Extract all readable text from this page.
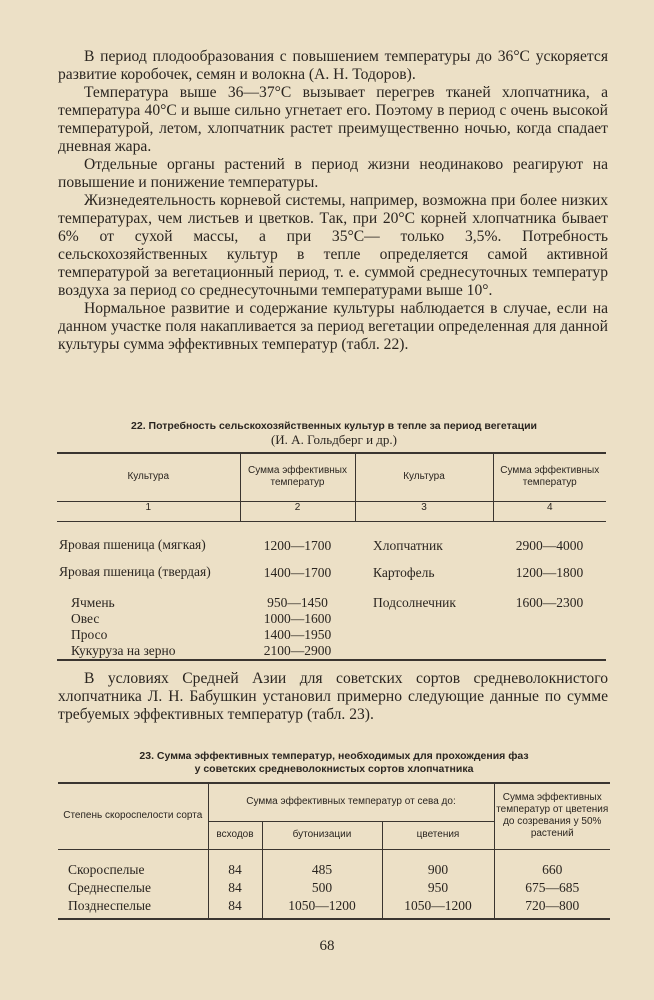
В период плодообразования с повышением температуры до 36°C ускоряется развитие коробочек, семян и волокна (А. Н. Тодоров).

Температура выше 36—37°C вызывает перегрев тканей хлопчатника, а температура 40°C и выше сильно угнетает его. Поэтому в период с очень высокой температурой, летом, хлопчатник растет преимущественно ночью, когда спадает дневная жара.

Отдельные органы растений в период жизни неодинаково реагируют на повышение и понижение температуры.

Жизнедеятельность корневой системы, например, возможна при более низких температурах, чем листьев и цветков. Так, при 20°C корней хлопчатника бывает 6% от сухой массы, а при 35°C— только 3,5%. Потребность сельскохозяйственных культур в тепле определяется самой активной температурой за вегетационный период, т. е. суммой среднесуточных температур воздуха за период со среднесуточными температурами выше 10°.

Нормальное развитие и содержание культуры наблюдается в случае, если на данном участке поля накапливается за период вегетации определенная для данной культуры сумма эффективных температур (табл. 22).

22. Потребность сельскохозяйственных культур в тепле за период вегетации
(И. А. Гольдберг и др.)
Культура	Сумма эффективных температур	Культура	Сумма эффективных температур
1	2	3	4
Яровая пшеница (мягкая)	1200—1700	Хлопчатник	2900—4000
Яровая пшеница (твердая)	1400—1700	Картофель	1200—1800
Ячмень	950—1450	Подсолнечник	1600—2300
Овес	1000—1600		
Просо	1400—1950		
Кукуруза на зерно	2100—2900		

В условиях Средней Азии для советских сортов средневолокнистого хлопчатника Л. Н. Бабушкин установил примерно следующие данные по сумме требуемых эффективных температур (табл. 23).

23. Сумма эффективных температур, необходимых для прохождения фаз
у советских средневолокнистых сортов хлопчатника
Степень скороспелости сорта	Сумма эффективных температур от сева до:			Сумма эффективных температур от цветения до созревания у 50% растений
	всходов	бутонизации	цветения	
Скороспелые	84	485	900	660
Среднеспелые	84	500	950	675—685
Позднеспелые	84	1050—1200	1050—1200	720—800
68
